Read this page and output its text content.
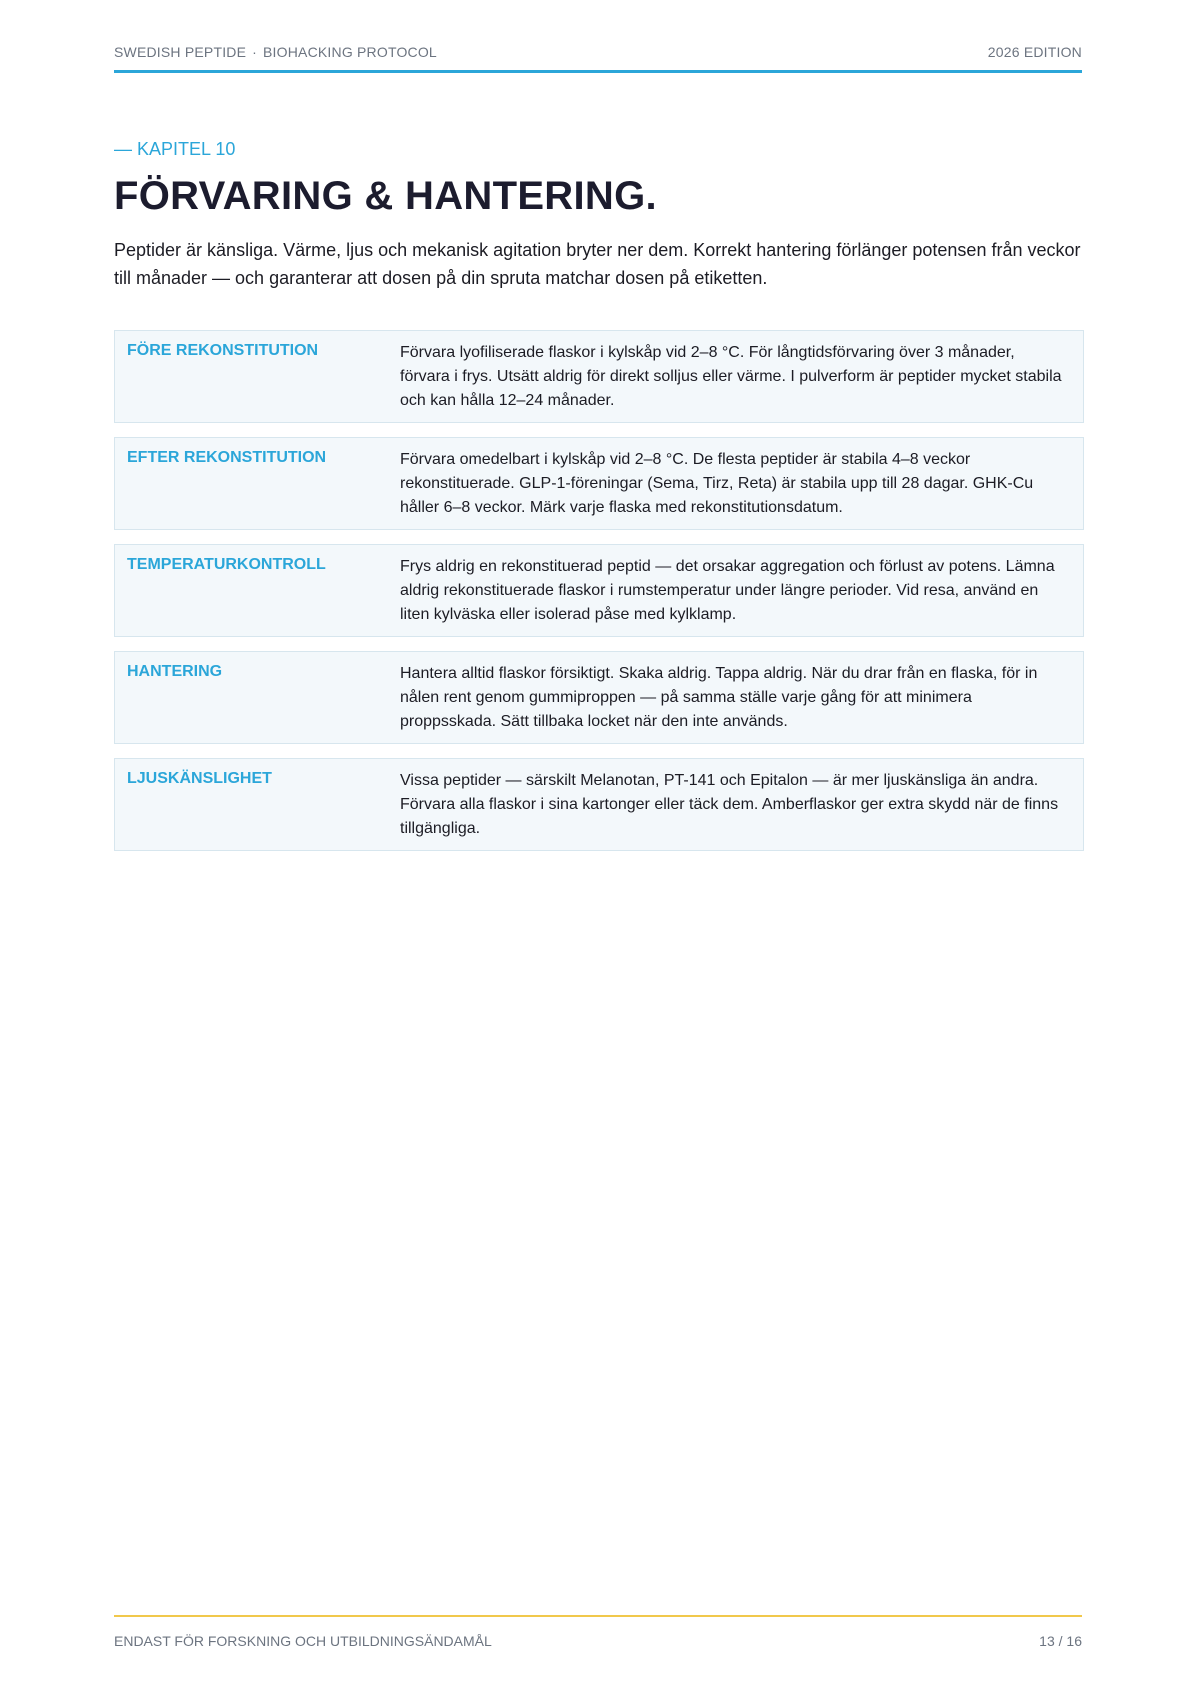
SWEDISH PEPTIDE · BIOHACKING PROTOCOL	2026 EDITION
— KAPITEL 10
FÖRVARING & HANTERING.

Peptider är känsliga. Värme, ljus och mekanisk agitation bryter ner dem. Korrekt hantering förlänger potensen från veckor till månader — och garanterar att dosen på din spruta matchar dosen på etiketten.

FÖRE REKONSTITUTION	Förvara lyofiliserade flaskor i kylskåp vid 2–8 °C. För långtidsförvaring över 3 månader, förvara i frys. Utsätt aldrig för direkt solljus eller värme. I pulverform är peptider mycket stabila och kan hålla 12–24 månader.
EFTER REKONSTITUTION	Förvara omedelbart i kylskåp vid 2–8 °C. De flesta peptider är stabila 4–8 veckor rekonstituerade. GLP-1-föreningar (Sema, Tirz, Reta) är stabila upp till 28 dagar. GHK-Cu håller 6–8 veckor. Märk varje flaska med rekonstitutionsdatum.
TEMPERATURKONTROLL	Frys aldrig en rekonstituerad peptid — det orsakar aggregation och förlust av potens. Lämna aldrig rekonstituerade flaskor i rumstemperatur under längre perioder. Vid resa, använd en liten kylväska eller isolerad påse med kylklamp.
HANTERING	Hantera alltid flaskor försiktigt. Skaka aldrig. Tappa aldrig. När du drar från en flaska, för in nålen rent genom gummiproppen — på samma ställe varje gång för att minimera proppsskada. Sätt tillbaka locket när den inte används.
LJUSKÄNSLIGHET	Vissa peptider — särskilt Melanotan, PT-141 och Epitalon — är mer ljuskänsliga än andra. Förvara alla flaskor i sina kartonger eller täck dem. Amberflaskor ger extra skydd när de finns tillgängliga.
ENDAST FÖR FORSKNING OCH UTBILDNINGSÄNDAMÅL	13 / 16
